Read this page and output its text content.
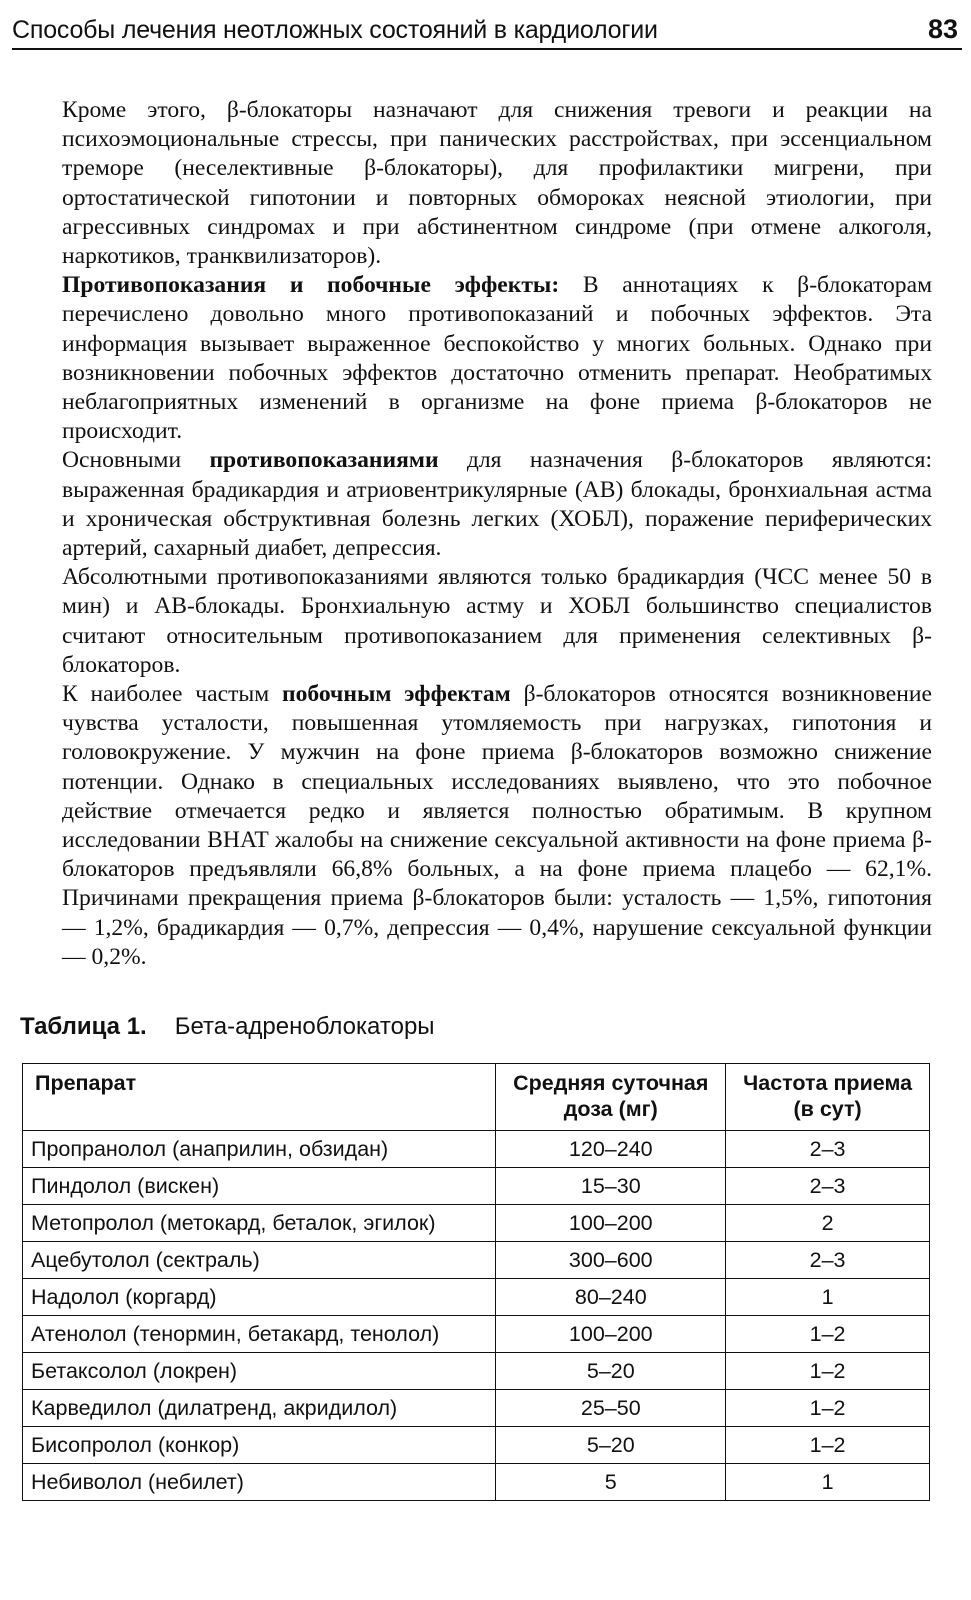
Способы лечения неотложных состояний в кардиологии	83

Кроме этого, β-блокаторы назначают для снижения тревоги и реакции на психоэмоциональные стрессы, при панических расстройствах, при эссенциальном треморе (неселективные β-блокаторы), для профилактики мигрени, при ортостатической гипотонии и повторных обмороках неясной этиологии, при агрессивных синдромах и при абстинентном синдроме (при отмене алкоголя, наркотиков, транквилизаторов).

Противопоказания и побочные эффекты: В аннотациях к β-блокаторам перечислено довольно много противопоказаний и побочных эффектов. Эта информация вызывает выраженное беспокойство у многих больных. Однако при возникновении побочных эффектов достаточно отменить препарат. Необратимых неблагоприятных изменений в организме на фоне приема β-блокаторов не происходит.

Основными противопоказаниями для назначения β-блокаторов являются: выраженная брадикардия и атриовентрикулярные (АВ) блокады, бронхиальная астма и хроническая обструктивная болезнь легких (ХОБЛ), поражение периферических артерий, сахарный диабет, депрессия.

Абсолютными противопоказаниями являются только брадикардия (ЧСС менее 50 в мин) и АВ-блокады. Бронхиальную астму и ХОБЛ большинство специалистов считают относительным противопоказанием для применения селективных β-блокаторов.

К наиболее частым побочным эффектам β-блокаторов относятся возникновение чувства усталости, повышенная утомляемость при нагрузках, гипотония и головокружение. У мужчин на фоне приема β-блокаторов возможно снижение потенции. Однако в специальных исследованиях выявлено, что это побочное действие отмечается редко и является полностью обратимым. В крупном исследовании BHAT жалобы на снижение сексуальной активности на фоне приема β-блокаторов предъявляли 66,8% больных, а на фоне приема плацебо — 62,1%. Причинами прекращения приема β-блокаторов были: усталость — 1,5%, гипотония — 1,2%, брадикардия — 0,7%, депрессия — 0,4%, нарушение сексуальной функции — 0,2%.

Таблица 1. Бета-адреноблокаторы
Препарат	Средняя суточная доза (мг)	Частота приема (в сут)
Пропранолол (анаприлин, обзидан)	120–240	2–3
Пиндолол (вискен)	15–30	2–3
Метопролол (метокард, беталок, эгилок)	100–200	2
Ацебутолол (сектраль)	300–600	2–3
Надолол (коргард)	80–240	1
Атенолол (тенормин, бетакард, тенолол)	100–200	1–2
Бетаксолол (локрен)	5–20	1–2
Карведилол (дилатренд, акридилол)	25–50	1–2
Бисопролол (конкор)	5–20	1–2
Небиволол (небилет)	5	1
